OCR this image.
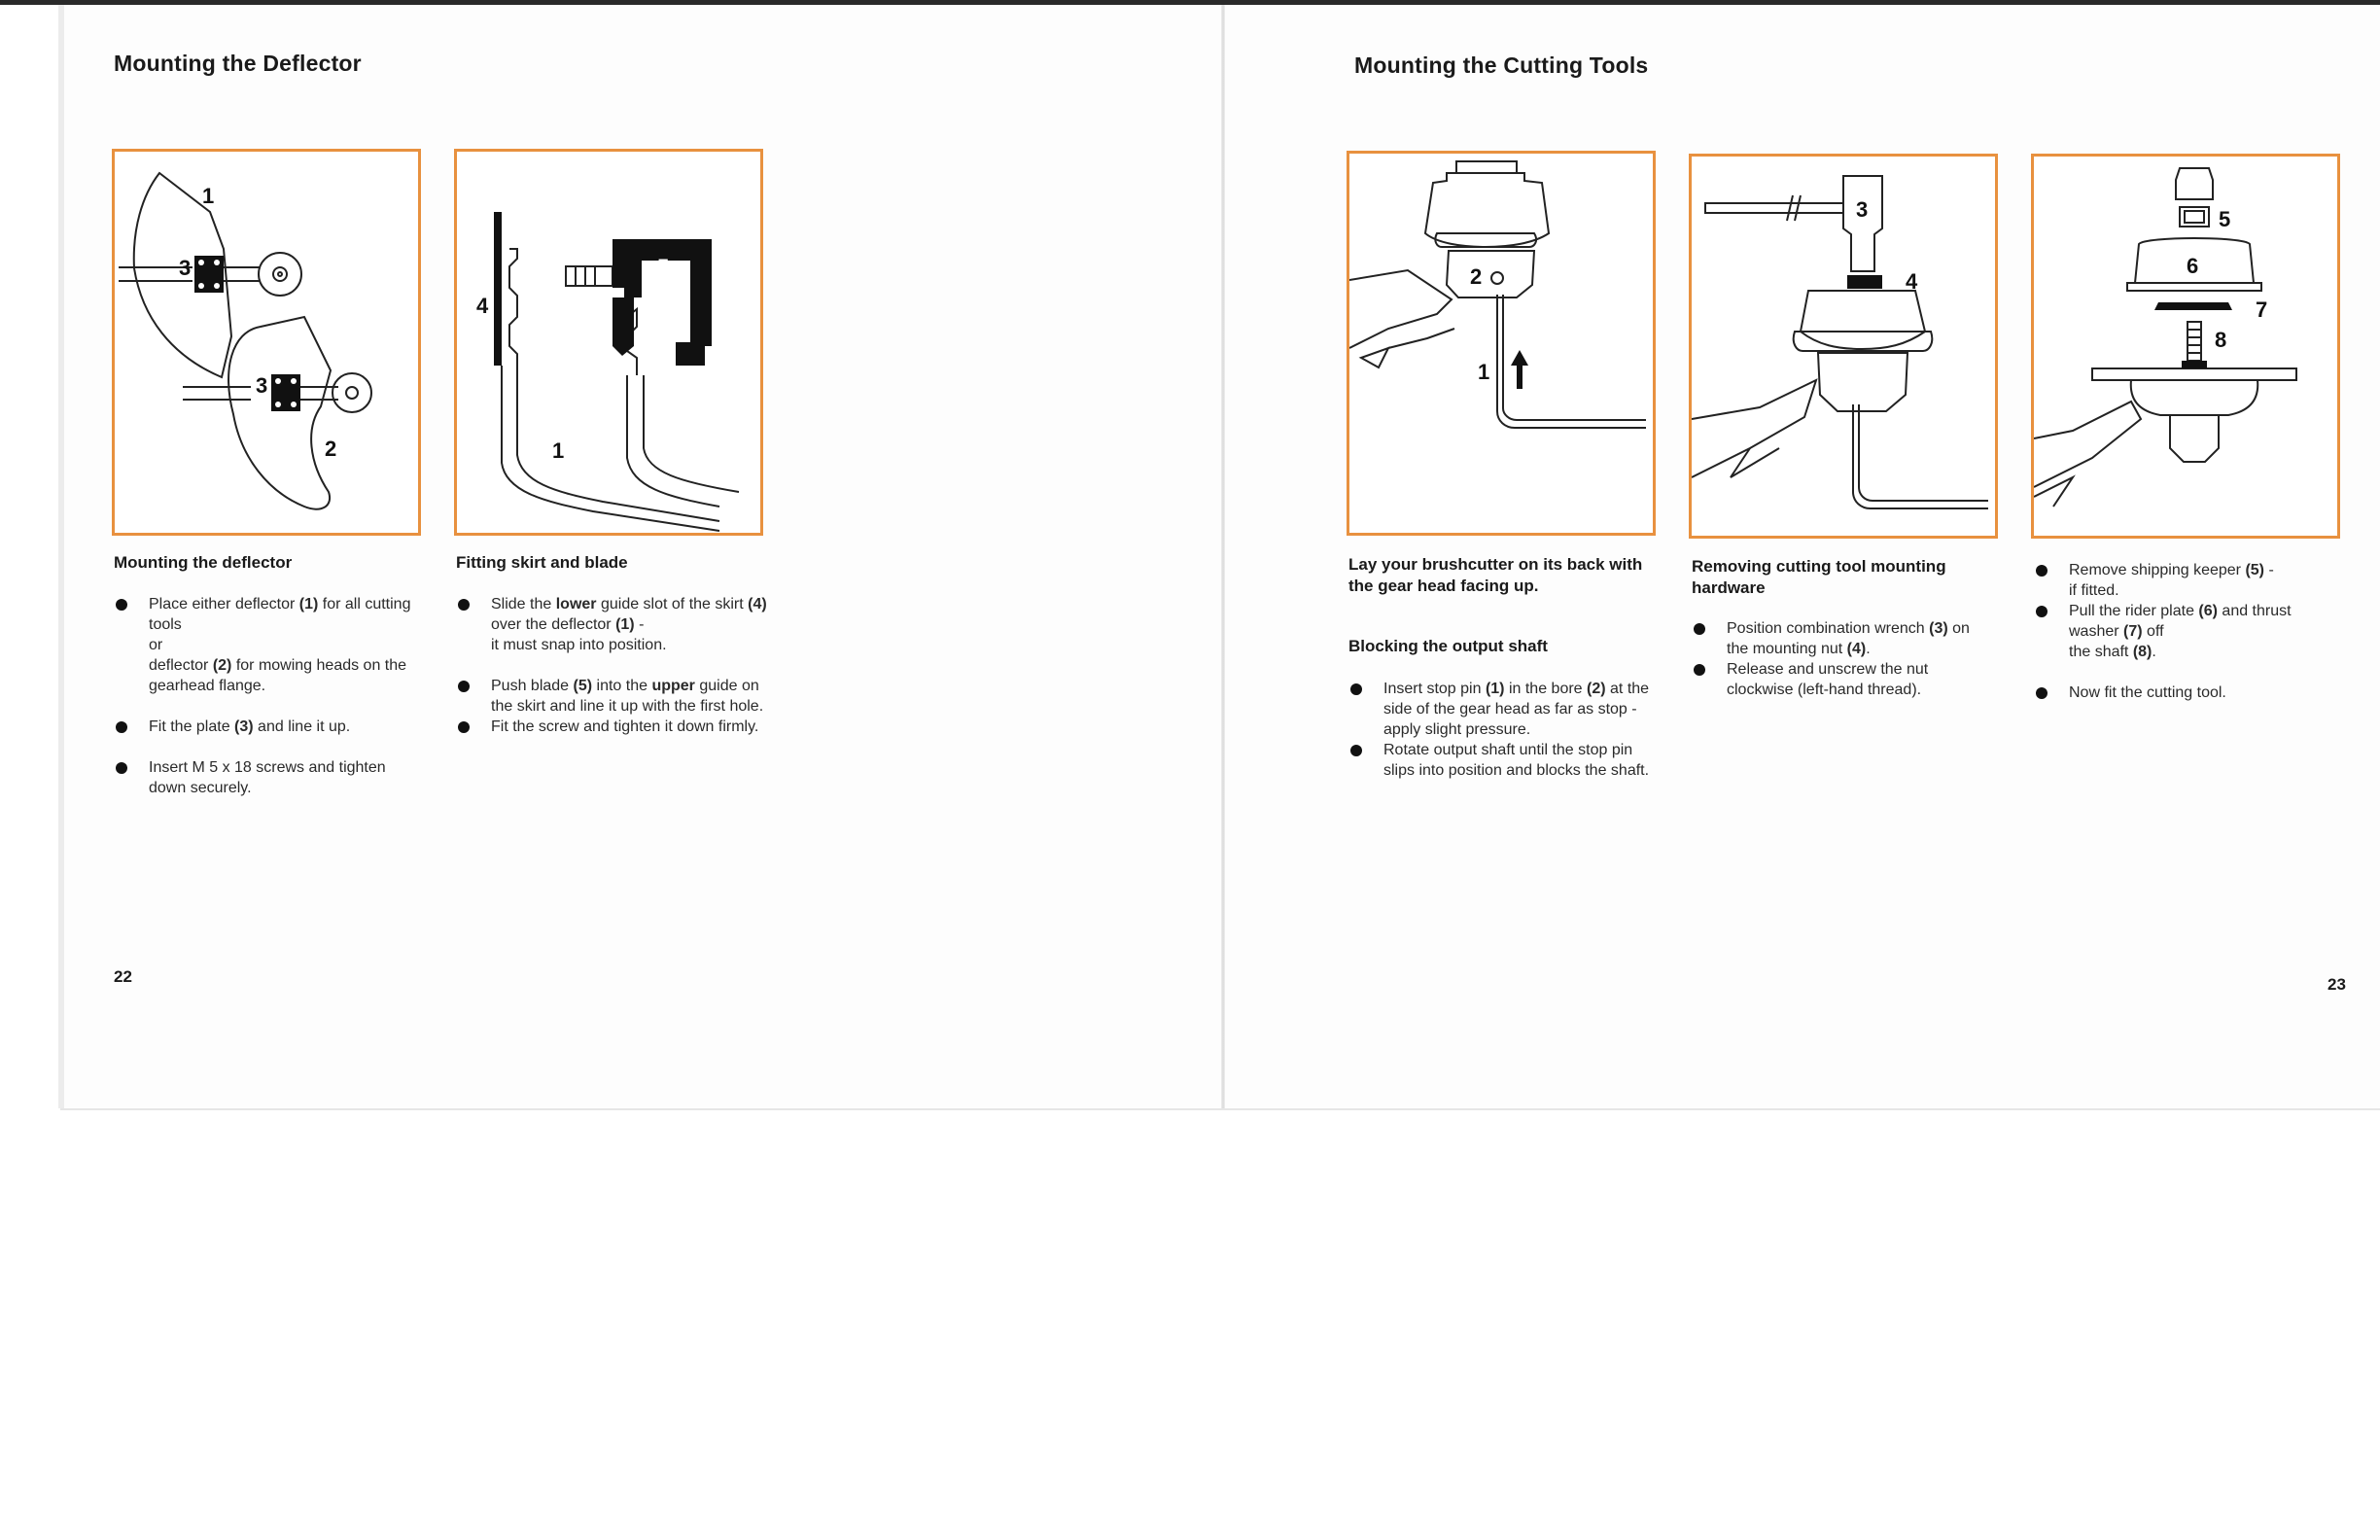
Mounting the Deflector
1
3
3
2
5
4
1
Mounting the deflector
Place either deflector (1) for all cutting tools
or
deflector (2) for mowing heads on the gearhead flange.
Fit the plate (3) and line it up.
Insert M 5 x 18 screws and tighten down securely.
Fitting skirt and blade
Slide the lower guide slot of the skirt (4) over the deflector (1) -
it must snap into position.
Push blade (5) into the upper guide on the skirt and line it up with the first hole.
Fit the screw and tighten it down firmly.
22
Mounting the Cutting Tools
2
1
3
4
5
6
7
8
Lay your brushcutter on its back with the gear head facing up.
Blocking the output shaft
Insert stop pin (1) in the bore (2) at the side of the gear head as far as stop - apply slight pressure.
Rotate output shaft until the stop pin slips into position and blocks the shaft.
Removing cutting tool mounting hardware
Position combination wrench (3) on the mounting nut (4).
Release and unscrew the nut clockwise (left-hand thread).
Remove shipping keeper (5) -
if fitted.
Pull the rider plate (6) and thrust washer (7) off
the shaft (8).
Now fit the cutting tool.
23
